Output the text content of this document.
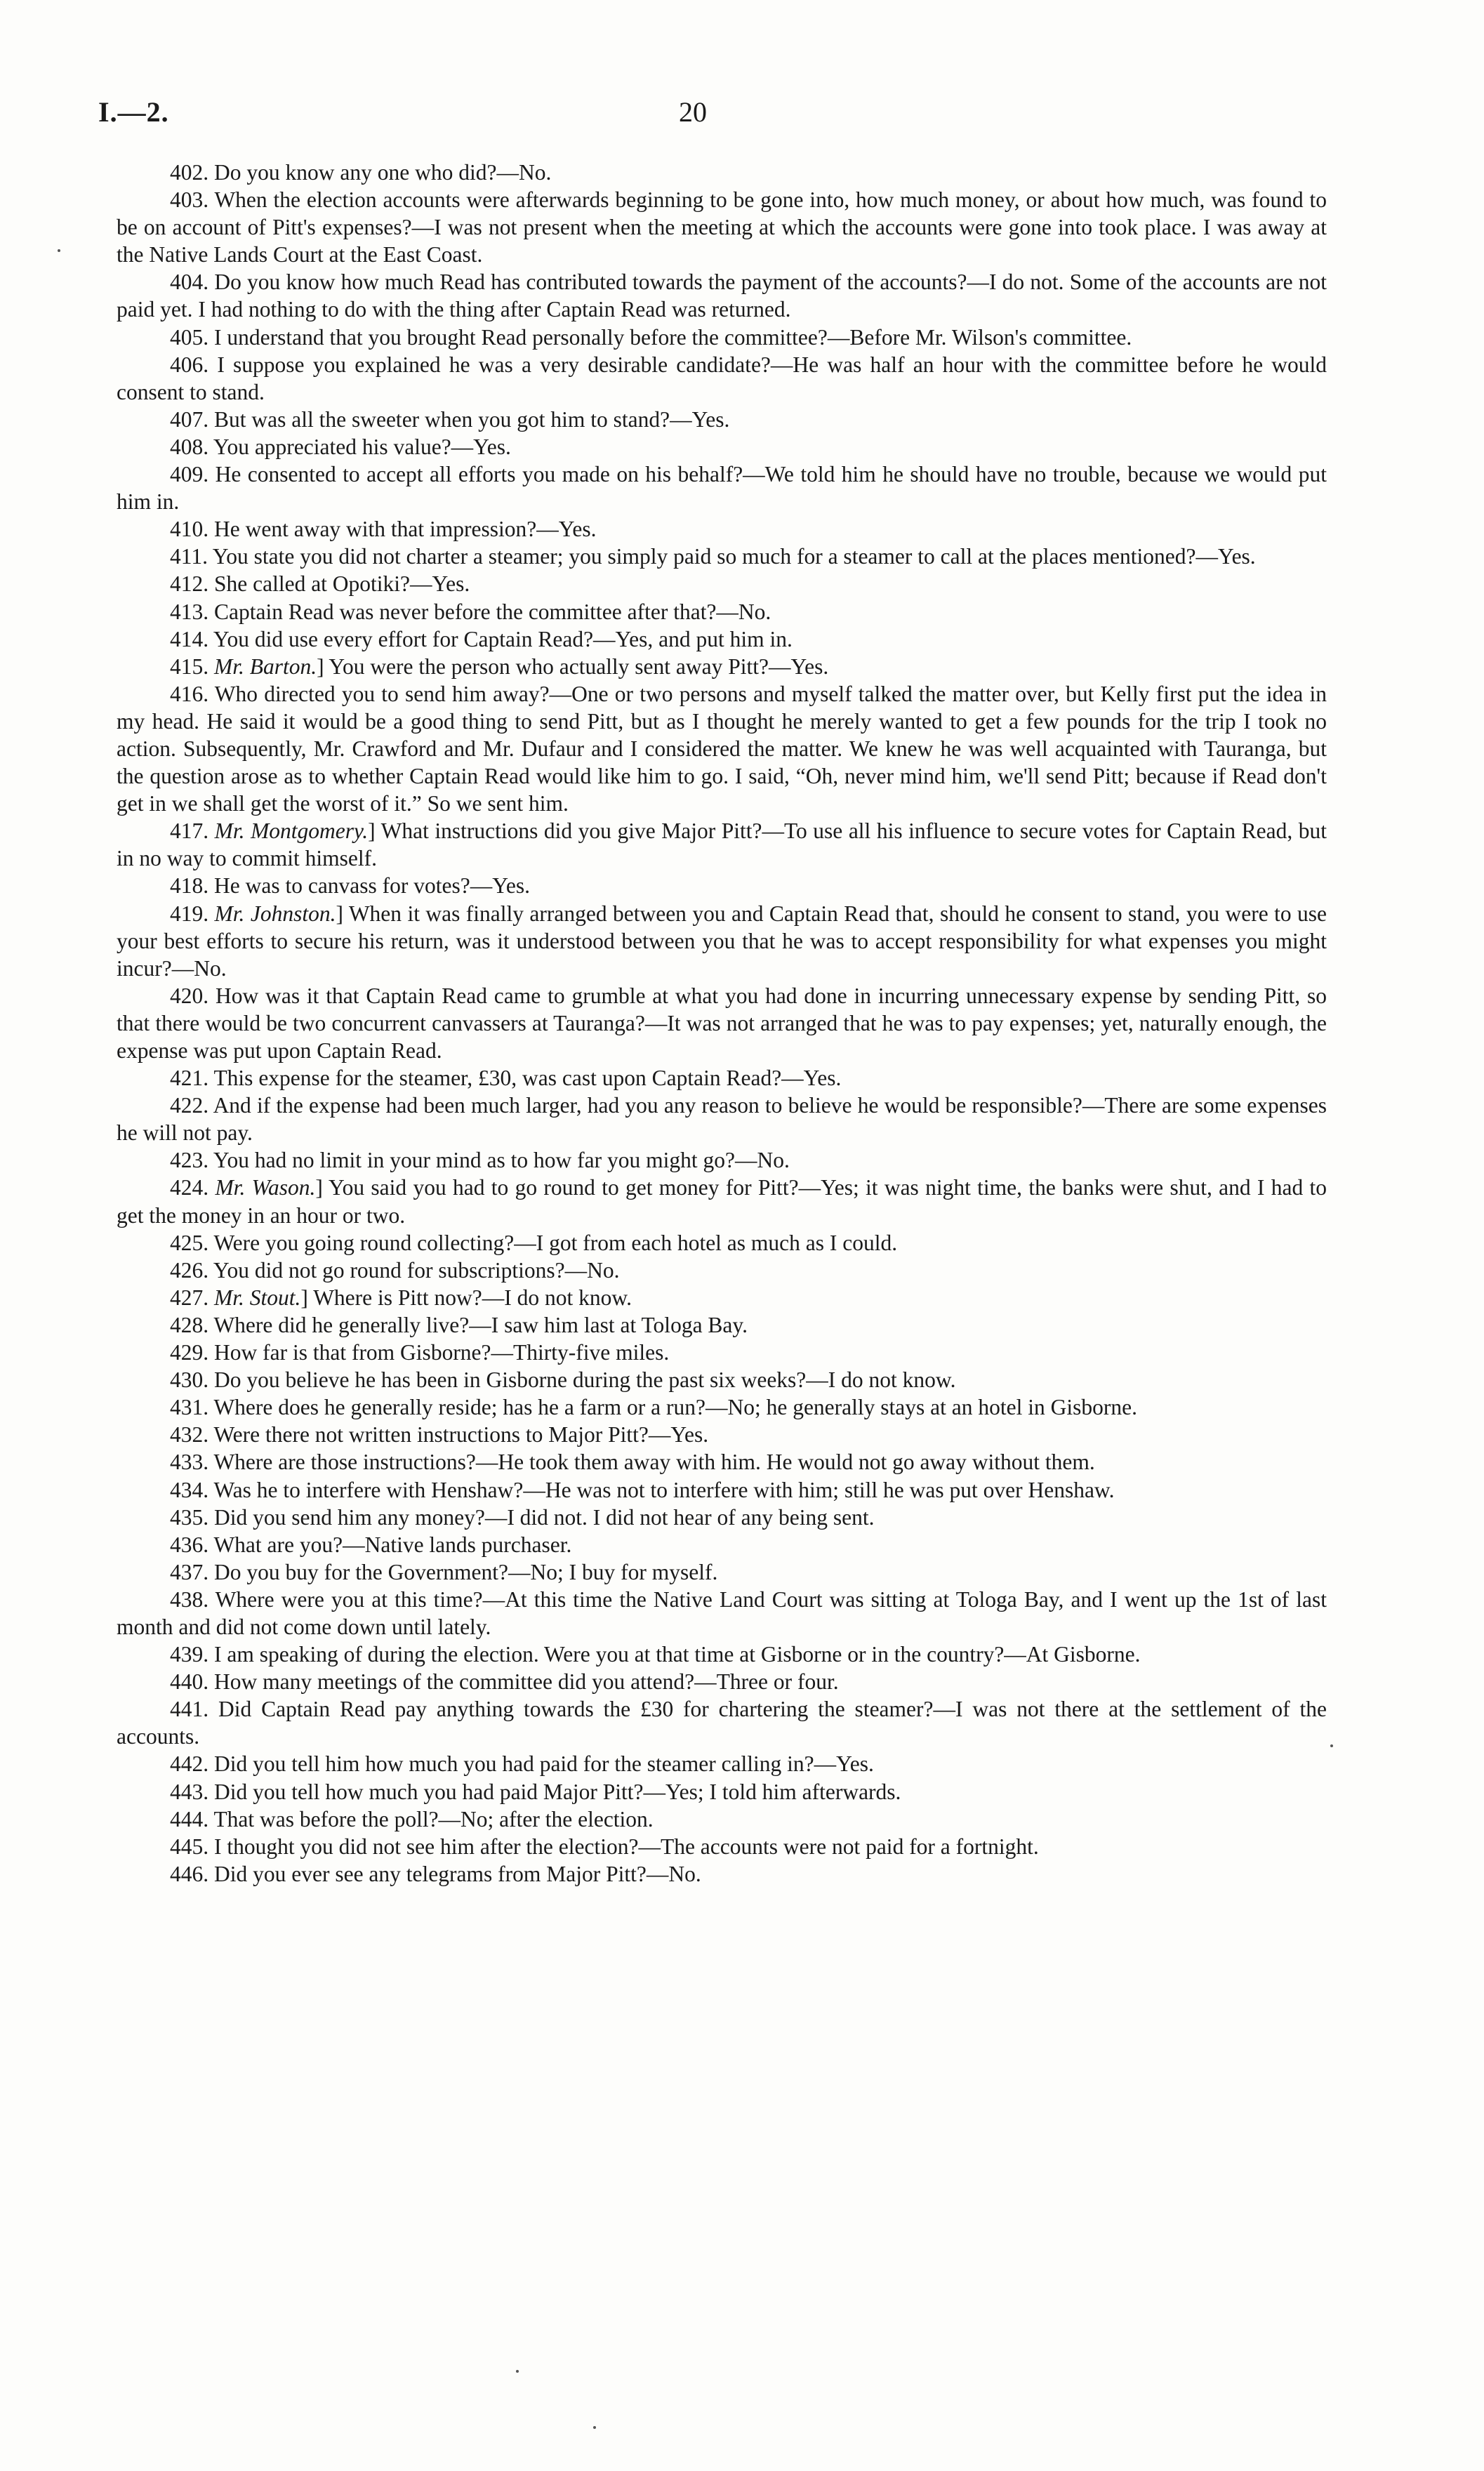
I.—2.	20

402. Do you know any one who did?—No.

403. When the election accounts were afterwards beginning to be gone into, how much money, or about how much, was found to be on account of Pitt's expenses?—I was not present when the meeting at which the accounts were gone into took place. I was away at the Native Lands Court at the East Coast.

404. Do you know how much Read has contributed towards the payment of the accounts?—I do not. Some of the accounts are not paid yet. I had nothing to do with the thing after Captain Read was returned.

405. I understand that you brought Read personally before the committee?—Before Mr. Wilson's committee.

406. I suppose you explained he was a very desirable candidate?—He was half an hour with the committee before he would consent to stand.

407. But was all the sweeter when you got him to stand?—Yes.

408. You appreciated his value?—Yes.

409. He consented to accept all efforts you made on his behalf?—We told him he should have no trouble, because we would put him in.

410. He went away with that impression?—Yes.

411. You state you did not charter a steamer; you simply paid so much for a steamer to call at the places mentioned?—Yes.

412. She called at Opotiki?—Yes.

413. Captain Read was never before the committee after that?—No.

414. You did use every effort for Captain Read?—Yes, and put him in.

415. Mr. Barton.] You were the person who actually sent away Pitt?—Yes.

416. Who directed you to send him away?—One or two persons and myself talked the matter over, but Kelly first put the idea in my head. He said it would be a good thing to send Pitt, but as I thought he merely wanted to get a few pounds for the trip I took no action. Subsequently, Mr. Crawford and Mr. Dufaur and I considered the matter. We knew he was well acquainted with Tauranga, but the question arose as to whether Captain Read would like him to go. I said, “Oh, never mind him, we'll send Pitt; because if Read don't get in we shall get the worst of it.” So we sent him.

417. Mr. Montgomery.] What instructions did you give Major Pitt?—To use all his influence to secure votes for Captain Read, but in no way to commit himself.

418. He was to canvass for votes?—Yes.

419. Mr. Johnston.] When it was finally arranged between you and Captain Read that, should he consent to stand, you were to use your best efforts to secure his return, was it understood between you that he was to accept responsibility for what expenses you might incur?—No.

420. How was it that Captain Read came to grumble at what you had done in incurring unnecessary expense by sending Pitt, so that there would be two concurrent canvassers at Tauranga?—It was not arranged that he was to pay expenses; yet, naturally enough, the expense was put upon Captain Read.

421. This expense for the steamer, £30, was cast upon Captain Read?—Yes.

422. And if the expense had been much larger, had you any reason to believe he would be responsible?—There are some expenses he will not pay.

423. You had no limit in your mind as to how far you might go?—No.

424. Mr. Wason.] You said you had to go round to get money for Pitt?—Yes; it was night time, the banks were shut, and I had to get the money in an hour or two.

425. Were you going round collecting?—I got from each hotel as much as I could.

426. You did not go round for subscriptions?—No.

427. Mr. Stout.] Where is Pitt now?—I do not know.

428. Where did he generally live?—I saw him last at Tologa Bay.

429. How far is that from Gisborne?—Thirty-five miles.

430. Do you believe he has been in Gisborne during the past six weeks?—I do not know.

431. Where does he generally reside; has he a farm or a run?—No; he generally stays at an hotel in Gisborne.

432. Were there not written instructions to Major Pitt?—Yes.

433. Where are those instructions?—He took them away with him. He would not go away without them.

434. Was he to interfere with Henshaw?—He was not to interfere with him; still he was put over Henshaw.

435. Did you send him any money?—I did not. I did not hear of any being sent.

436. What are you?—Native lands purchaser.

437. Do you buy for the Government?—No; I buy for myself.

438. Where were you at this time?—At this time the Native Land Court was sitting at Tologa Bay, and I went up the 1st of last month and did not come down until lately.

439. I am speaking of during the election. Were you at that time at Gisborne or in the country?—At Gisborne.

440. How many meetings of the committee did you attend?—Three or four.

441. Did Captain Read pay anything towards the £30 for chartering the steamer?—I was not there at the settlement of the accounts.

442. Did you tell him how much you had paid for the steamer calling in?—Yes.

443. Did you tell how much you had paid Major Pitt?—Yes; I told him afterwards.

444. That was before the poll?—No; after the election.

445. I thought you did not see him after the election?—The accounts were not paid for a fortnight.

446. Did you ever see any telegrams from Major Pitt?—No.
